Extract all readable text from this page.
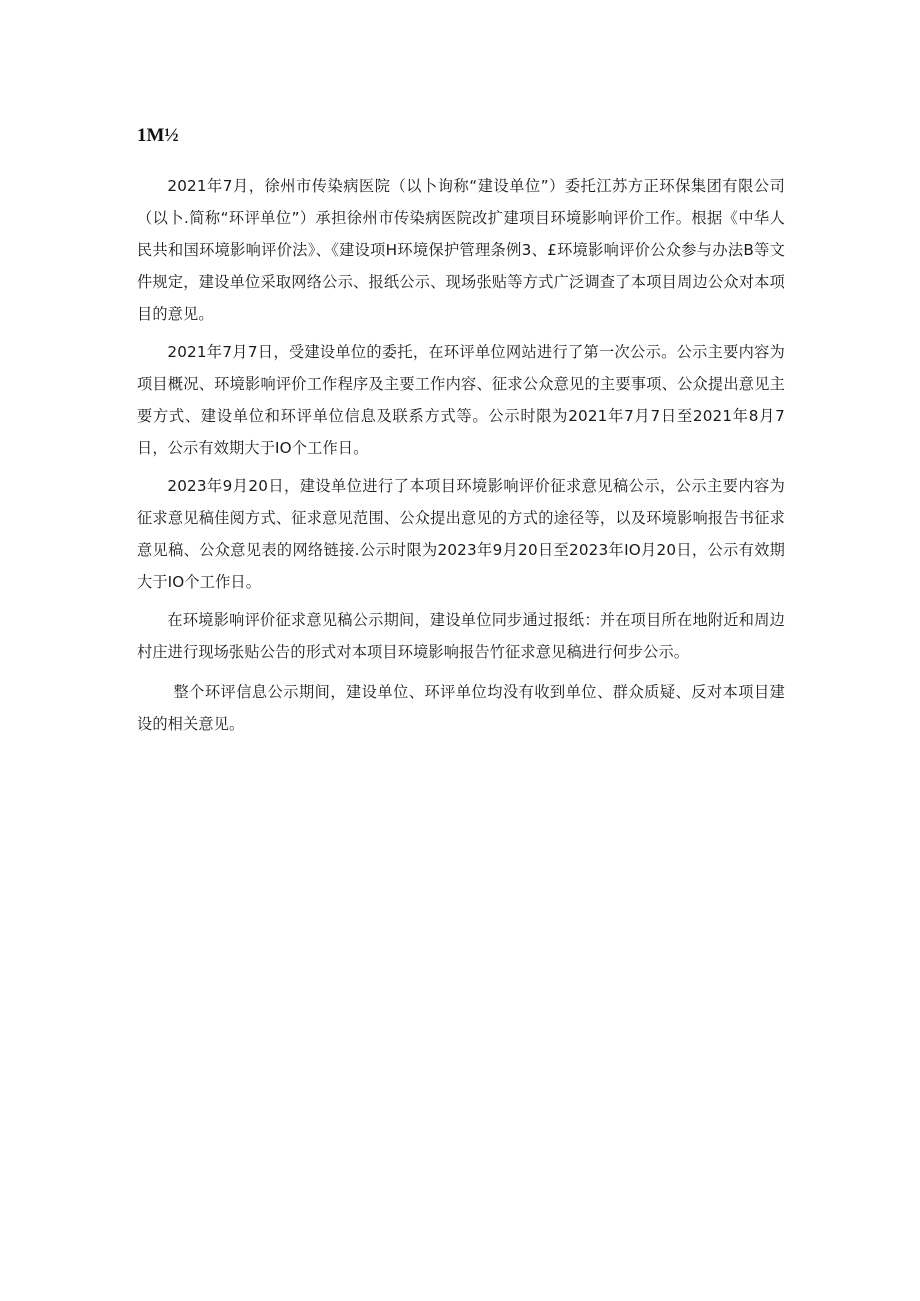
1M½

2021年7月，徐州市传染病医院（以卜询称“建设单位”）委托江苏方正环保集团有限公司（以卜.简称“环评单位”）承担徐州市传染病医院改扩建项目环境影响评价工作。根据《中华人民共和国环境影响评价法》、《建设项H环境保护管理条例3、£环境影响评价公众参与办法B等文件规定，建设单位采取网络公示、报纸公示、现场张贴等方式广泛调查了本项目周边公众对本项目的意见。

2021年7月7日，受建设单位的委托，在环评单位网站进行了第一次公示。公示主要内容为项目概况、环境影响评价工作程序及主要工作内容、征求公众意见的主要事项、公众提出意见主要方式、建设单位和环评单位信息及联系方式等。公示时限为2021年7月7日至2021年8月7日，公示有效期大于IO个工作日。

2023年9月20日，建设单位进行了本项目环境影响评价征求意见稿公示，公示主要内容为征求意见稿佳阅方式、征求意见范围、公众提出意见的方式的途径等，以及环境影响报告书征求意见稿、公众意见表的网络链接.公示时限为2023年9月20日至2023年IO月20日，公示有效期大于IO个工作日。

在环境影响评价征求意见稿公示期间，建设单位同步通过报纸：并在项目所在地附近和周边村庄进行现场张贴公告的形式对本项目环境影响报告竹征求意见稿进行何步公示。

整个环评信息公示期间，建设单位、环评单位均没有收到单位、群众质疑、反对本项目建设的相关意见。
